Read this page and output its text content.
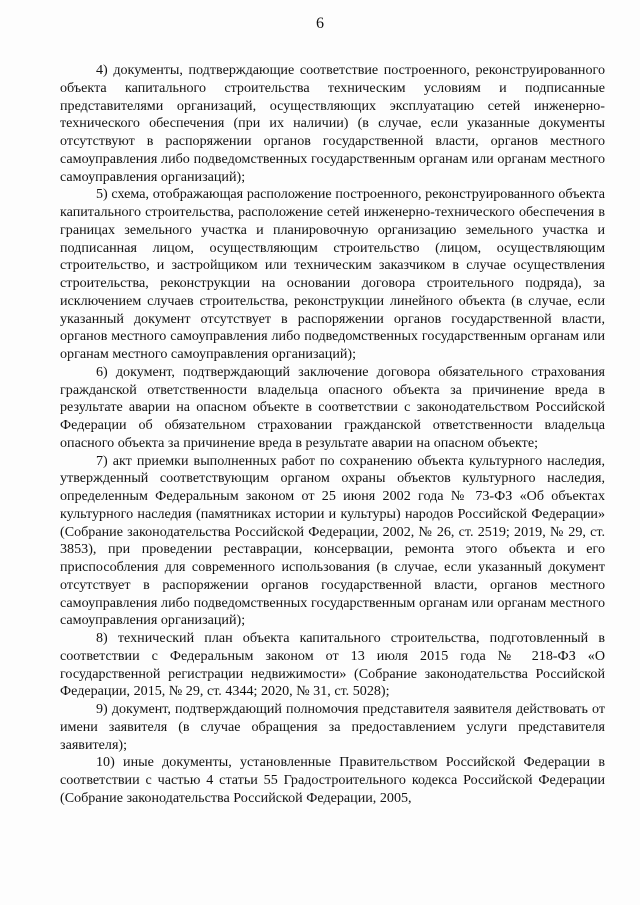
6

4) документы, подтверждающие соответствие построенного, реконструированного объекта капитального строительства техническим условиям и подписанные представителями организаций, осуществляющих эксплуатацию сетей инженерно-технического обеспечения (при их наличии) (в случае, если указанные документы отсутствуют в распоряжении органов государственной власти, органов местного самоуправления либо подведомственных государственным органам или органам местного самоуправления организаций);

5) схема, отображающая расположение построенного, реконструированного объекта капитального строительства, расположение сетей инженерно-технического обеспечения в границах земельного участка и планировочную организацию земельного участка и подписанная лицом, осуществляющим строительство (лицом, осуществляющим строительство, и застройщиком или техническим заказчиком в случае осуществления строительства, реконструкции на основании договора строительного подряда), за исключением случаев строительства, реконструкции линейного объекта (в случае, если указанный документ отсутствует в распоряжении органов государственной власти, органов местного самоуправления либо подведомственных государственным органам или органам местного самоуправления организаций);

6) документ, подтверждающий заключение договора обязательного страхования гражданской ответственности владельца опасного объекта за причинение вреда в результате аварии на опасном объекте в соответствии с законодательством Российской Федерации об обязательном страховании гражданской ответственности владельца опасного объекта за причинение вреда в результате аварии на опасном объекте;

7) акт приемки выполненных работ по сохранению объекта культурного наследия, утвержденный соответствующим органом охраны объектов культурного наследия, определенным Федеральным законом от 25 июня 2002 года № 73-ФЗ «Об объектах культурного наследия (памятниках истории и культуры) народов Российской Федерации» (Собрание законодательства Российской Федерации, 2002, № 26, ст. 2519; 2019, № 29, ст. 3853), при проведении реставрации, консервации, ремонта этого объекта и его приспособления для современного использования (в случае, если указанный документ отсутствует в распоряжении органов государственной власти, органов местного самоуправления либо подведомственных государственным органам или органам местного самоуправления организаций);

8) технический план объекта капитального строительства, подготовленный в соответствии с Федеральным законом от 13 июля 2015 года № 218-ФЗ «О государственной регистрации недвижимости» (Собрание законодательства Российской Федерации, 2015, № 29, ст. 4344; 2020, № 31, ст. 5028);

9) документ, подтверждающий полномочия представителя заявителя действовать от имени заявителя (в случае обращения за предоставлением услуги представителя заявителя);

10) иные документы, установленные Правительством Российской Федерации в соответствии с частью 4 статьи 55 Градостроительного кодекса Российской Федерации (Собрание законодательства Российской Федерации, 2005,
